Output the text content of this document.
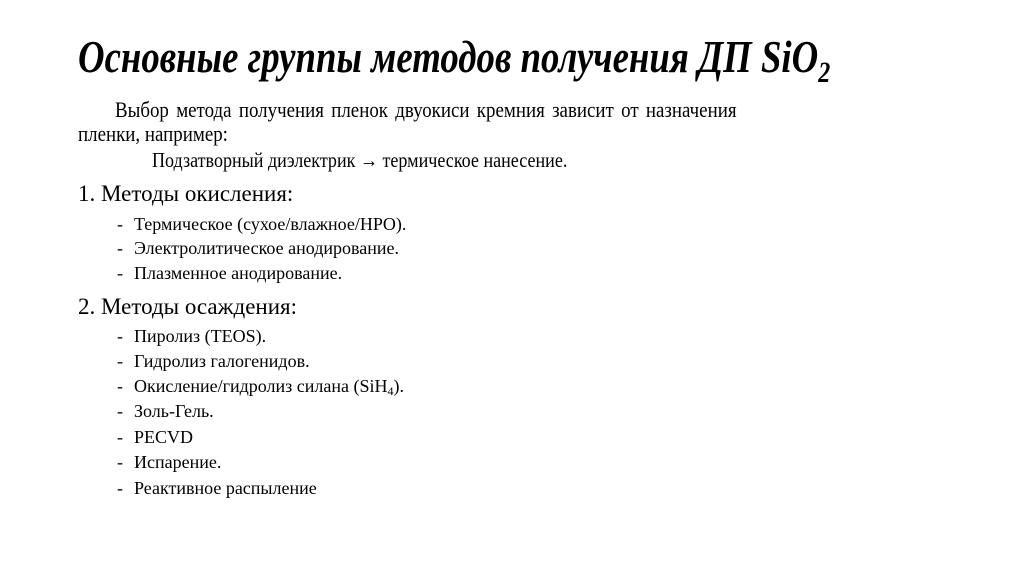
Основные группы методов получения ДП SiO$_2$
Выбор метода получения пленок двуокиси кремния зависит от назначения
пленки, например:
Подзатворный диэлектрик → термическое нанесение.
1. Методы окисления:
- Термическое (сухое/влажное/HPO).
- Электролитическое анодирование.
- Плазменное анодирование.
2. Методы осаждения:
- Пиролиз (TEOS).
- Гидролиз галогенидов.
- Окисление/гидролиз силана (SiH$_4$).
- Золь-Гель.
- PECVD
- Испарение.
- Реактивное распыление
